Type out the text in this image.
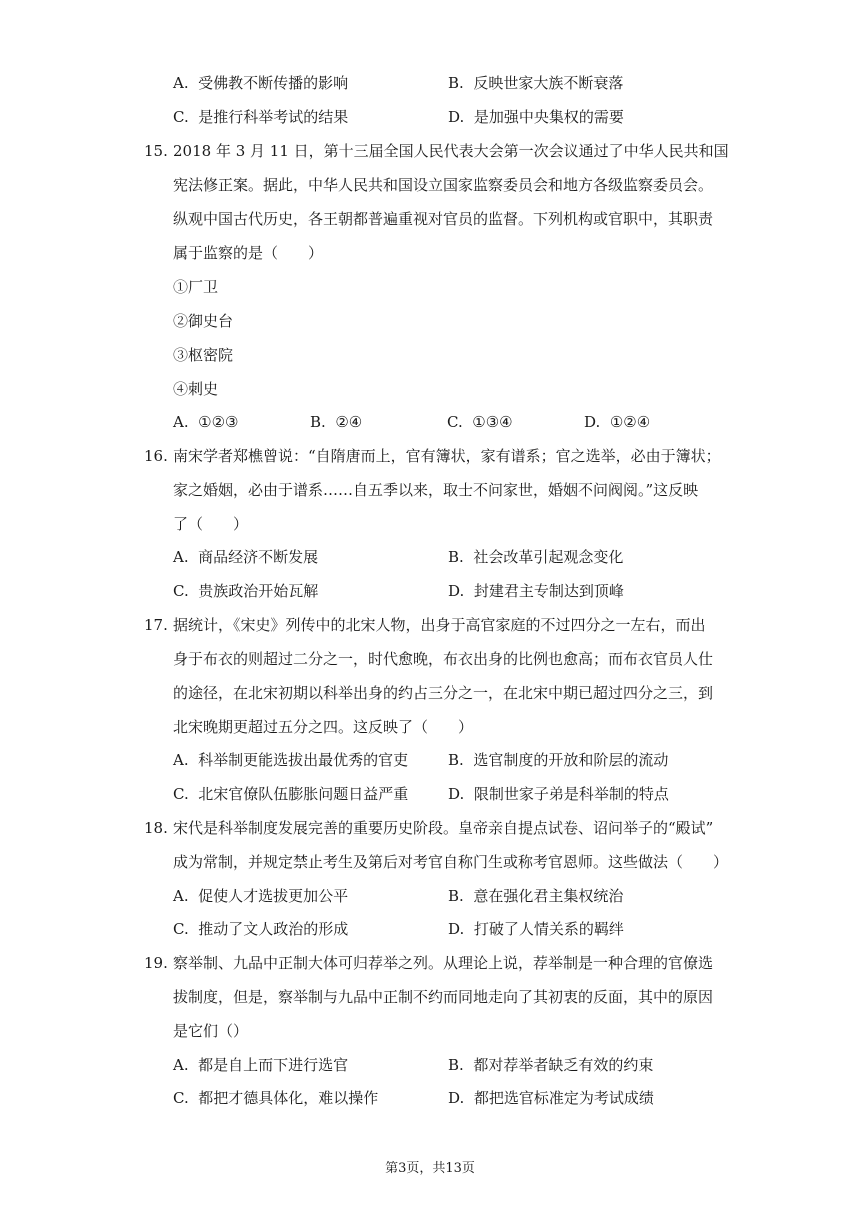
A. 受佛教不断传播的影响	B. 反映世家大族不断衰落
C. 是推行科举考试的结果	D. 是加强中央集权的需要
15. 2018 年 3 月 11 日，第十三届全国人民代表大会第一次会议通过了中华人民共和国
宪法修正案。据此，中华人民共和国设立国家监察委员会和地方各级监察委员会。
纵观中国古代历史，各王朝都普遍重视对官员的监督。下列机构或官职中，其职责
属于监察的是（　　）
①厂卫
②御史台
③枢密院
④刺史
A. ①②③	B. ②④	C. ①③④	D. ①②④
16. 南宋学者郑樵曾说：“自隋唐而上，官有簿状，家有谱系；官之选举，必由于簿状；
家之婚姻，必由于谱系……自五季以来，取士不问家世，婚姻不问阀阅。”这反映
了（　　）
A. 商品经济不断发展	B. 社会改革引起观念变化
C. 贵族政治开始瓦解	D. 封建君主专制达到顶峰
17. 据统计，《宋史》列传中的北宋人物，出身于高官家庭的不过四分之一左右，而出
身于布衣的则超过二分之一，时代愈晚，布衣出身的比例也愈高；而布衣官员人仕
的途径，在北宋初期以科举出身的约占三分之一，在北宋中期已超过四分之三，到
北宋晚期更超过五分之四。这反映了（　　）
A. 科举制更能选拔出最优秀的官吏	B. 选官制度的开放和阶层的流动
C. 北宋官僚队伍膨胀问题日益严重	D. 限制世家子弟是科举制的特点
18. 宋代是科举制度发展完善的重要历史阶段。皇帝亲自提点试卷、诏问举子的“殿试”
成为常制，并规定禁止考生及第后对考官自称门生或称考官恩师。这些做法（　　）
A. 促使人才选拔更加公平	B. 意在强化君主集权统治
C. 推动了文人政治的形成	D. 打破了人情关系的羁绊
19. 察举制、九品中正制大体可归荐举之列。从理论上说，荐举制是一种合理的官僚选
拔制度，但是，察举制与九品中正制不约而同地走向了其初衷的反面，其中的原因
是它们（）
A. 都是自上而下进行选官	B. 都对荐举者缺乏有效的约束
C. 都把才德具体化，难以操作	D. 都把选官标准定为考试成绩
第3页，共13页
